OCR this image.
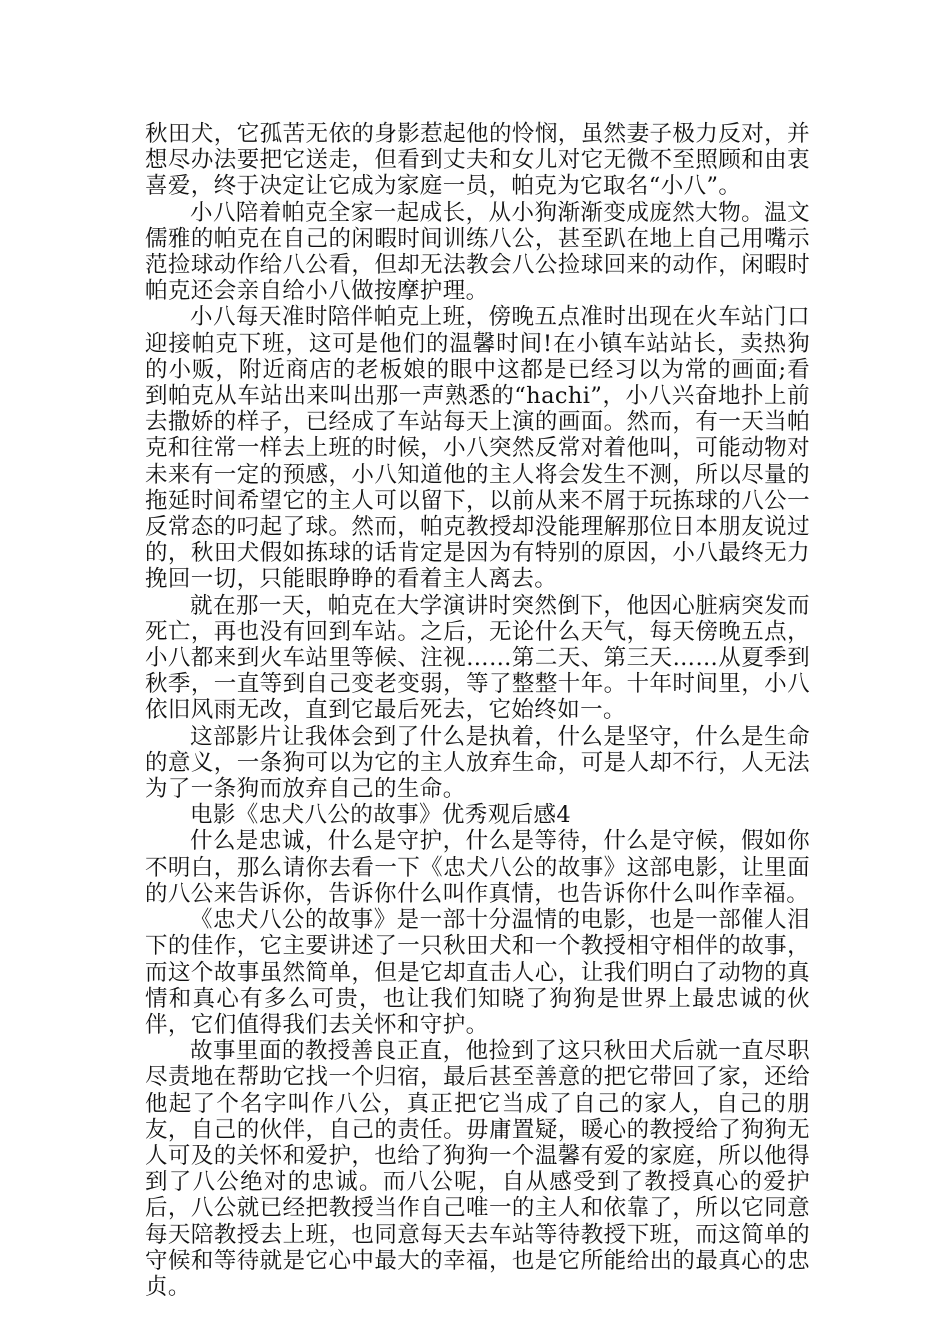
秋田犬，它孤苦无依的身影惹起他的怜悯，虽然妻子极力反对，并想尽办法要把它送走，但看到丈夫和女儿对它无微不至照顾和由衷喜爱，终于决定让它成为家庭一员，帕克为它取名“小八”。

小八陪着帕克全家一起成长，从小狗渐渐变成庞然大物。温文儒雅的帕克在自己的闲暇时间训练八公，甚至趴在地上自己用嘴示范捡球动作给八公看，但却无法教会八公捡球回来的动作，闲暇时帕克还会亲自给小八做按摩护理。

小八每天准时陪伴帕克上班，傍晚五点准时出现在火车站门口迎接帕克下班，这可是他们的温馨时间!在小镇车站站长，卖热狗的小贩，附近商店的老板娘的眼中这都是已经习以为常的画面;看到帕克从车站出来叫出那一声熟悉的“hachi”，小八兴奋地扑上前去撒娇的样子，已经成了车站每天上演的画面。然而，有一天当帕克和往常一样去上班的时候，小八突然反常对着他叫，可能动物对未来有一定的预感，小八知道他的主人将会发生不测，所以尽量的拖延时间希望它的主人可以留下，以前从来不屑于玩拣球的八公一反常态的叼起了球。然而，帕克教授却没能理解那位日本朋友说过的，秋田犬假如拣球的话肯定是因为有特别的原因，小八最终无力挽回一切，只能眼睁睁的看着主人离去。

就在那一天，帕克在大学演讲时突然倒下，他因心脏病突发而死亡，再也没有回到车站。之后，无论什么天气，每天傍晚五点，小八都来到火车站里等候、注视……第二天、第三天……从夏季到秋季，一直等到自己变老变弱，等了整整十年。十年时间里，小八依旧风雨无改，直到它最后死去，它始终如一。

这部影片让我体会到了什么是执着，什么是坚守，什么是生命的意义，一条狗可以为它的主人放弃生命，可是人却不行，人无法为了一条狗而放弃自己的生命。

电影《忠犬八公的故事》优秀观后感4

什么是忠诚，什么是守护，什么是等待，什么是守候，假如你不明白，那么请你去看一下《忠犬八公的故事》这部电影，让里面的八公来告诉你，告诉你什么叫作真情，也告诉你什么叫作幸福。

《忠犬八公的故事》是一部十分温情的电影，也是一部催人泪下的佳作，它主要讲述了一只秋田犬和一个教授相守相伴的故事，而这个故事虽然简单，但是它却直击人心，让我们明白了动物的真情和真心有多么可贵，也让我们知晓了狗狗是世界上最忠诚的伙伴，它们值得我们去关怀和守护。

故事里面的教授善良正直，他捡到了这只秋田犬后就一直尽职尽责地在帮助它找一个归宿，最后甚至善意的把它带回了家，还给他起了个名字叫作八公，真正把它当成了自己的家人，自己的朋友，自己的伙伴，自己的责任。毋庸置疑，暖心的教授给了狗狗无人可及的关怀和爱护，也给了狗狗一个温馨有爱的家庭，所以他得到了八公绝对的忠诚。而八公呢，自从感受到了教授真心的爱护后，八公就已经把教授当作自己唯一的主人和依靠了，所以它同意每天陪教授去上班，也同意每天去车站等待教授下班，而这简单的守候和等待就是它心中最大的幸福，也是它所能给出的最真心的忠贞。
